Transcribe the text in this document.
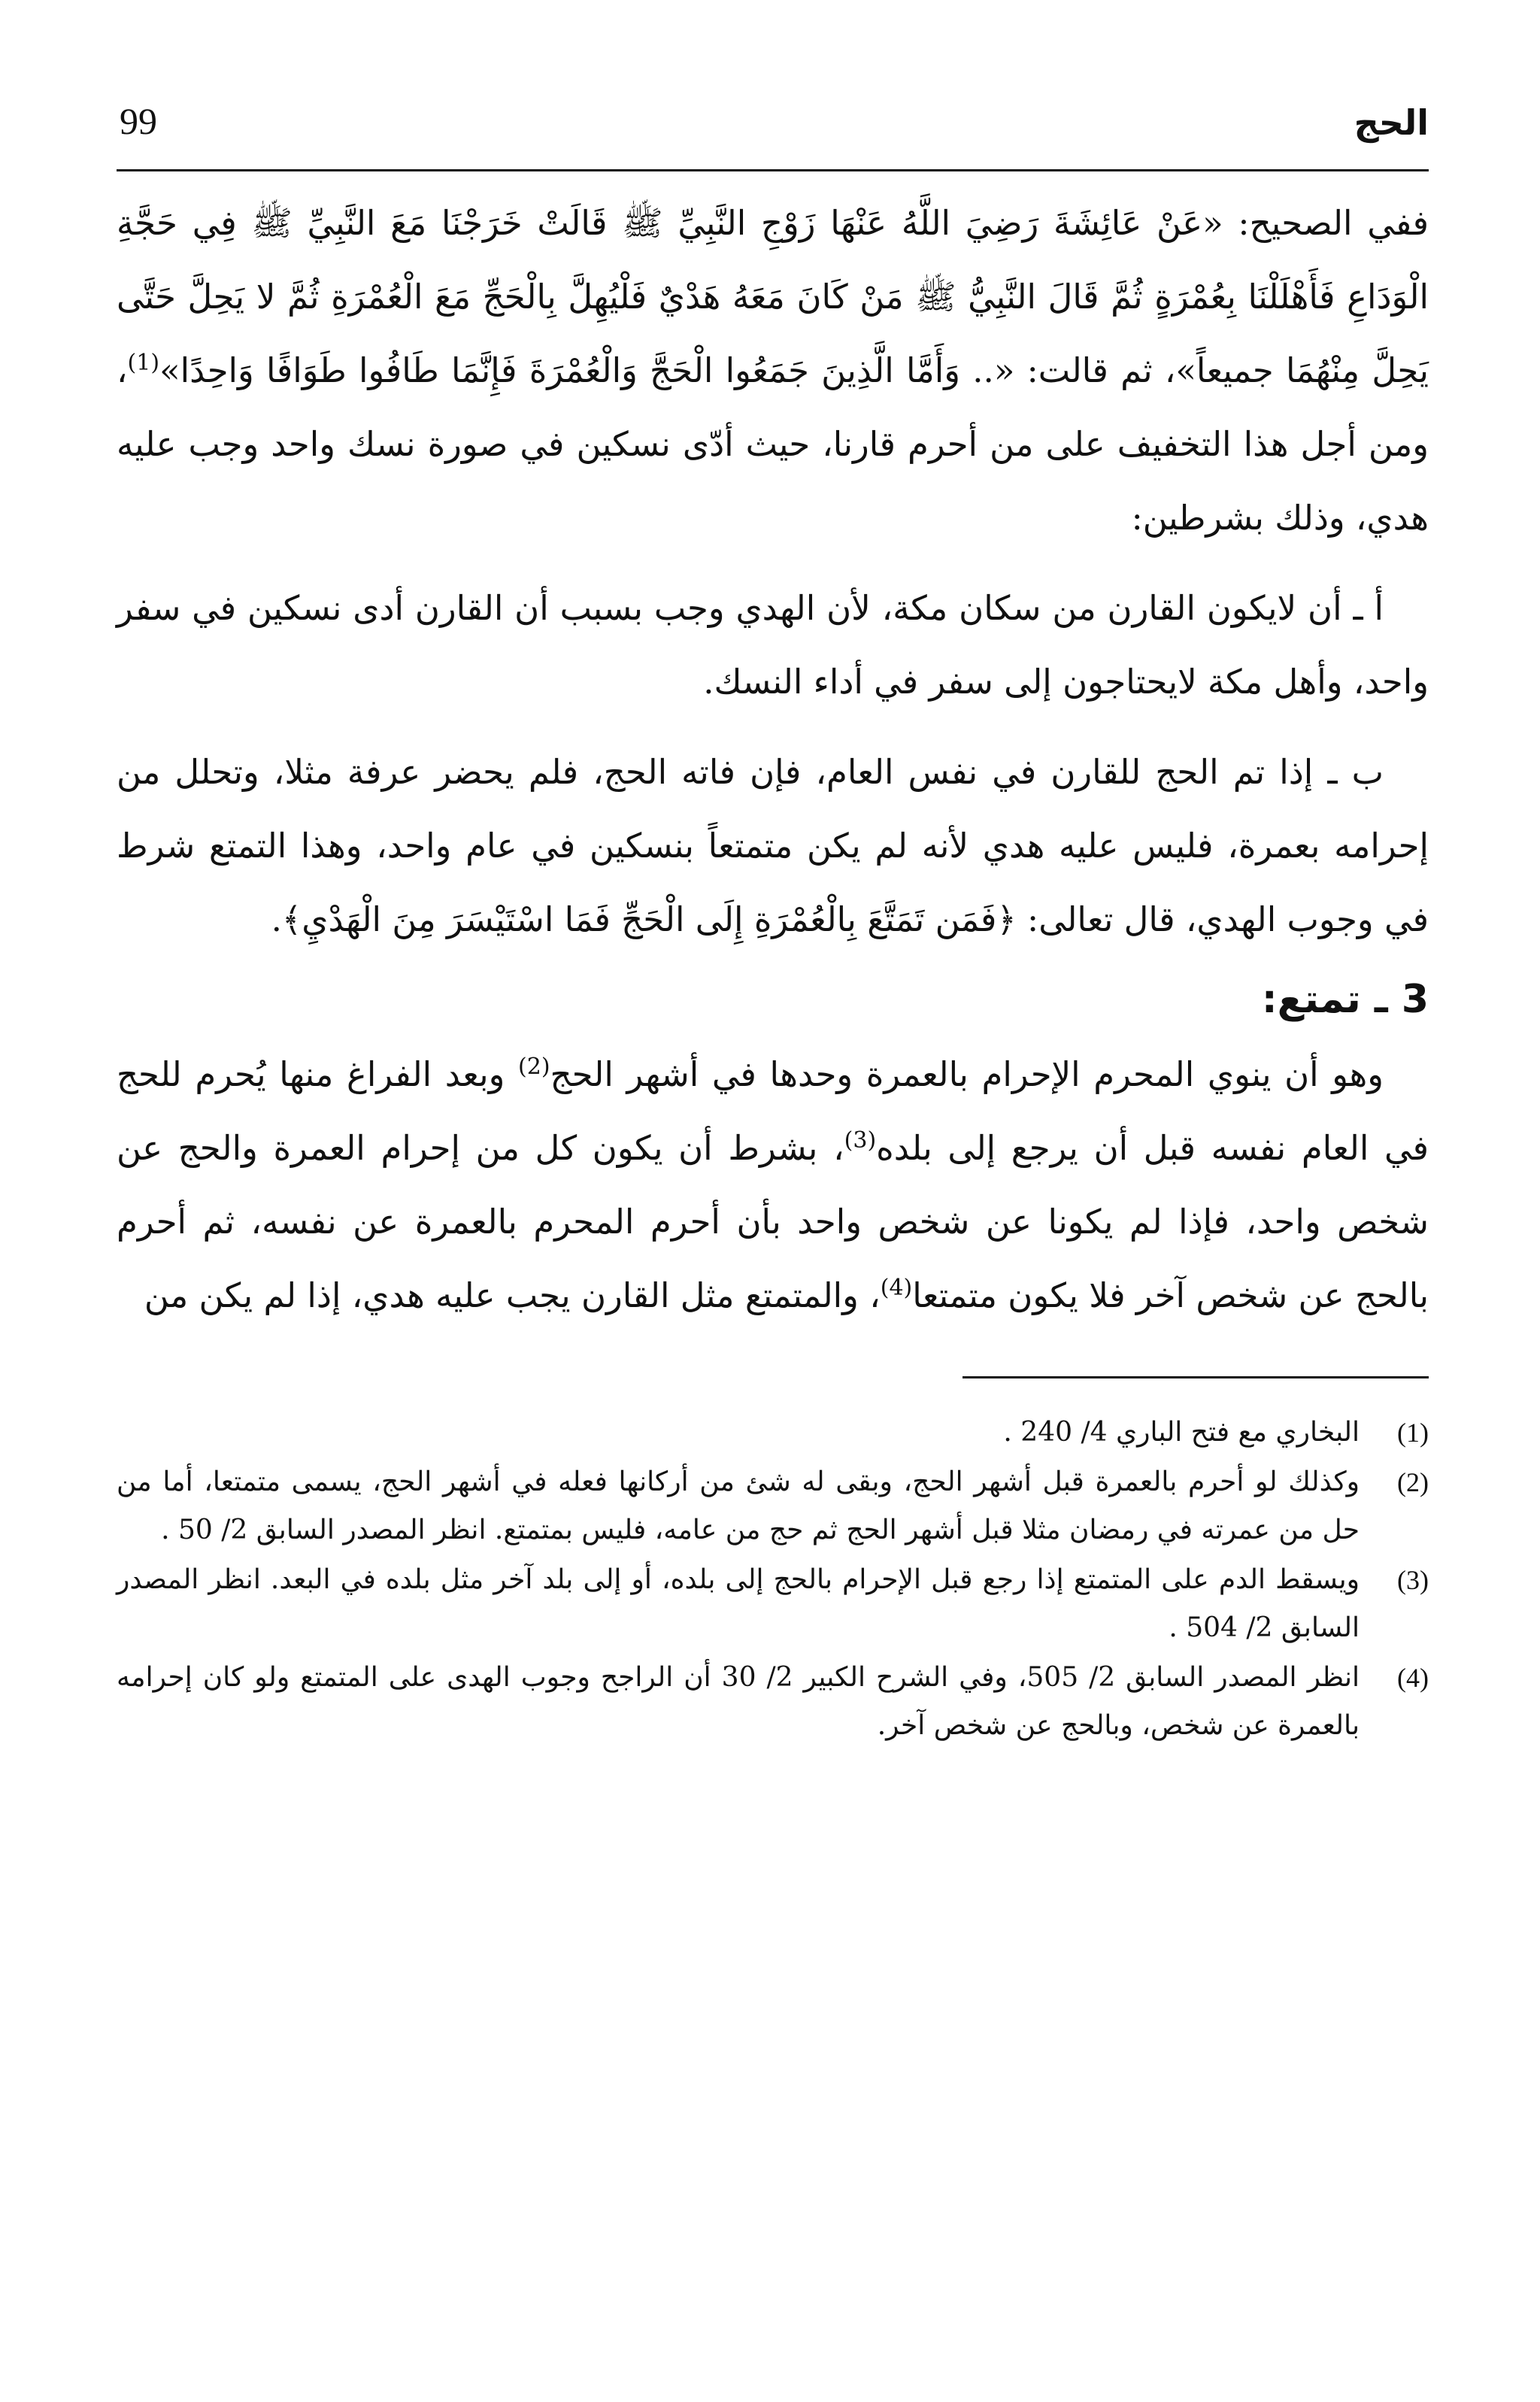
الحج
99

ففي الصحيح: «عَنْ عَائِشَةَ رَضِيَ اللَّهُ عَنْهَا زَوْجِ النَّبِيِّ ﷺ قَالَتْ خَرَجْنَا مَعَ النَّبِيِّ ﷺ فِي حَجَّةِ الْوَدَاعِ فَأَهْلَلْنَا بِعُمْرَةٍ ثُمَّ قَالَ النَّبِيُّ ﷺ مَنْ كَانَ مَعَهُ هَدْيٌ فَلْيُهِلَّ بِالْحَجِّ مَعَ الْعُمْرَةِ ثُمَّ لا يَحِلَّ حَتَّى يَحِلَّ مِنْهُمَا جميعاً»، ثم قالت: «.. وَأَمَّا الَّذِينَ جَمَعُوا الْحَجَّ وَالْعُمْرَةَ فَإِنَّمَا طَافُوا طَوَافًا وَاحِدًا»$^{(1)}$، ومن أجل هذا التخفيف على من أحرم قارنا، حيث أدّى نسكين في صورة نسك واحد وجب عليه هدي، وذلك بشرطين:

أ ـ أن لايكون القارن من سكان مكة، لأن الهدي وجب بسبب أن القارن أدى نسكين في سفر واحد، وأهل مكة لايحتاجون إلى سفر في أداء النسك.

ب ـ إذا تم الحج للقارن في نفس العام، فإن فاته الحج، فلم يحضر عرفة مثلا، وتحلل من إحرامه بعمرة، فليس عليه هدي لأنه لم يكن متمتعاً بنسكين في عام واحد، وهذا التمتع شرط في وجوب الهدي، قال تعالى: ﴿فَمَن تَمَتَّعَ بِالْعُمْرَةِ إِلَى الْحَجِّ فَمَا اسْتَيْسَرَ مِنَ الْهَدْيِ﴾.

3 ـ تمتع:

وهو أن ينوي المحرم الإحرام بالعمرة وحدها في أشهر الحج$^{(2)}$ وبعد الفراغ منها يُحرم للحج في العام نفسه قبل أن يرجع إلى بلده$^{(3)}$، بشرط أن يكون كل من إحرام العمرة والحج عن شخص واحد، فإذا لم يكونا عن شخص واحد بأن أحرم المحرم بالعمرة عن نفسه، ثم أحرم بالحج عن شخص آخر فلا يكون متمتعا$^{(4)}$، والمتمتع مثل القارن يجب عليه هدي، إذا لم يكن من

(1)
البخاري مع فتح الباري 4/ 240 .
(2)
وكذلك لو أحرم بالعمرة قبل أشهر الحج، وبقى له شئ من أركانها فعله في أشهر الحج، يسمى متمتعا، أما من حل من عمرته في رمضان مثلا قبل أشهر الحج ثم حج من عامه، فليس بمتمتع. انظر المصدر السابق 2/ 50 .
(3)
ويسقط الدم على المتمتع إذا رجع قبل الإحرام بالحج إلى بلده، أو إلى بلد آخر مثل بلده في البعد. انظر المصدر السابق 2/ 504 .
(4)
انظر المصدر السابق 2/ 505، وفي الشرح الكبير 2/ 30 أن الراجح وجوب الهدى على المتمتع ولو كان إحرامه بالعمرة عن شخص، وبالحج عن شخص آخر.
